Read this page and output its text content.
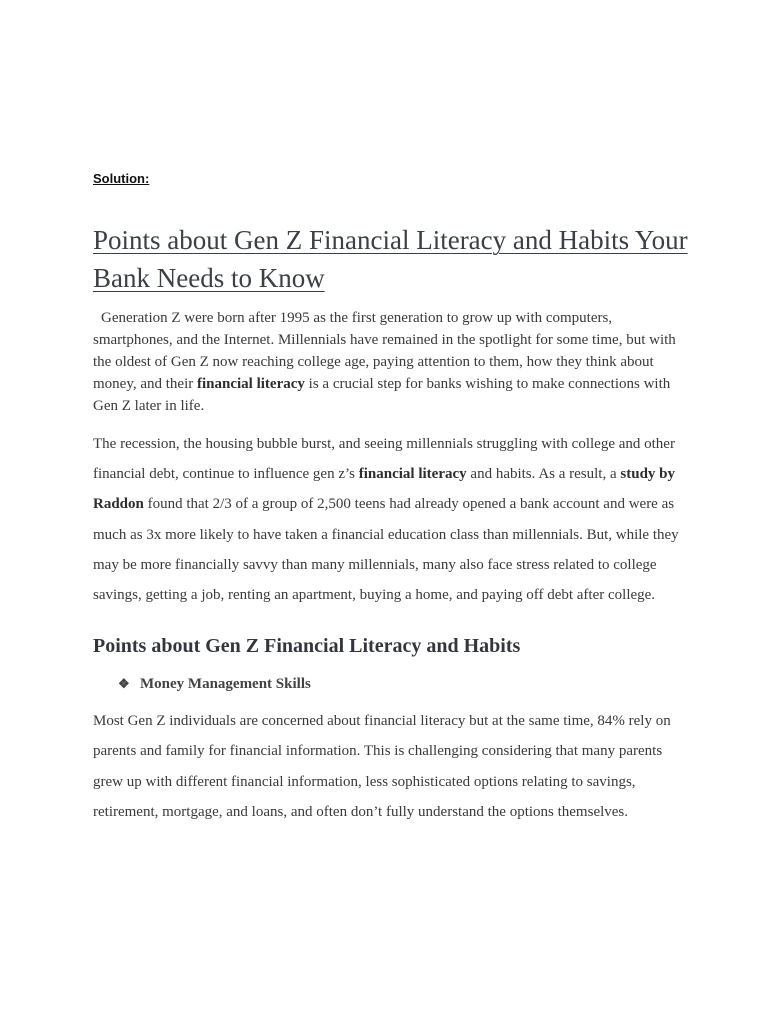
Solution:

Points about Gen Z Financial Literacy and Habits Your Bank Needs to Know

Generation Z were born after 1995 as the first generation to grow up with computers, smartphones, and the Internet. Millennials have remained in the spotlight for some time, but with the oldest of Gen Z now reaching college age, paying attention to them, how they think about money, and their financial literacy is a crucial step for banks wishing to make connections with Gen Z later in life.

The recession, the housing bubble burst, and seeing millennials struggling with college and other financial debt, continue to influence gen z’s financial literacy and habits. As a result, a study by Raddon found that 2/3 of a group of 2,500 teens had already opened a bank account and were as much as 3x more likely to have taken a financial education class than millennials. But, while they may be more financially savvy than many millennials, many also face stress related to college savings, getting a job, renting an apartment, buying a home, and paying off debt after college.

Points about Gen Z Financial Literacy and Habits
❖ Money Management Skills

Most Gen Z individuals are concerned about financial literacy but at the same time, 84% rely on parents and family for financial information. This is challenging considering that many parents grew up with different financial information, less sophisticated options relating to savings, retirement, mortgage, and loans, and often don’t fully understand the options themselves.
